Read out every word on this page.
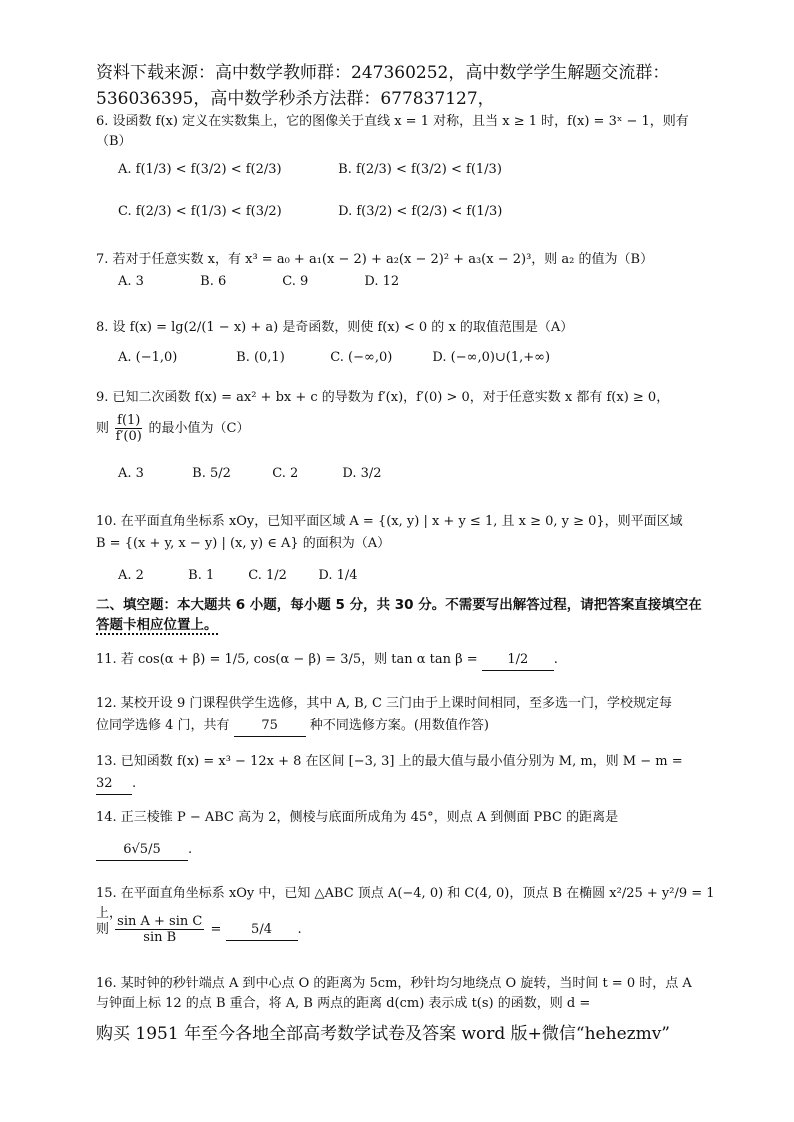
资料下载来源：高中数学教师群：247360252，高中数学学生解题交流群：536036395，高中数学秒杀方法群：677837127，
6. 设函数 f(x) 定义在实数集上，它的图像关于直线 x = 1 对称，且当 x ≥ 1 时，f(x) = 3ˣ − 1，则有（B）
A. f(1/3) < f(3/2) < f(2/3)	B. f(2/3) < f(3/2) < f(1/3)
C. f(2/3) < f(1/3) < f(3/2)	D. f(3/2) < f(2/3) < f(1/3)
7. 若对于任意实数 x，有 x³ = a₀ + a₁(x − 2) + a₂(x − 2)² + a₃(x − 2)³，则 a₂ 的值为（B）
A. 3	B. 6	C. 9	D. 12
8. 设 f(x) = lg(2/(1 − x) + a) 是奇函数，则使 f(x) < 0 的 x 的取值范围是（A）
A. (−1,0)	B. (0,1)	C. (−∞,0)	D. (−∞,0)∪(1,+∞)
9. 已知二次函数 f(x) = ax² + bx + c 的导数为 f′(x)，f′(0) > 0，对于任意实数 x 都有 f(x) ≥ 0，
则 $\frac{f(1)}{f'(0)}$ 的最小值为（C）
A. 3	B. 5/2	C. 2	D. 3/2
10. 在平面直角坐标系 xOy，已知平面区域 A = {(x, y) | x + y ≤ 1, 且 x ≥ 0, y ≥ 0}，则平面区域
B = {(x + y, x − y) | (x, y) ∈ A} 的面积为（A）
A. 2	B. 1	C. 1/2 D. 1/4
二、填空题：本大题共 6 小题，每小题 5 分，共 30 分。不需要写出解答过程，请把答案直接填空在
答题卡相应位置上。
11. 若 cos(α + β) = 1/5, cos(α − β) = 3/5，则 tan α tan β = 1/2 .
12. 某校开设 9 门课程供学生选修，其中 A, B, C 三门由于上课时间相同，至多选一门，学校规定每
位同学选修 4 门，共有 75 种不同选修方案。(用数值作答)
13. 已知函数 f(x) = x³ − 12x + 8 在区间 [−3, 3] 上的最大值与最小值分别为 M, m，则 M − m =
32 .
14. 正三棱锥 P − ABC 高为 2，侧棱与底面所成角为 45°，则点 A 到侧面 PBC 的距离是
6√5/5 .
15. 在平面直角坐标系 xOy 中，已知 △ABC 顶点 A(−4, 0) 和 C(4, 0)，顶点 B 在椭圆 x²/25 + y²/9 = 1 上，
则 $\frac{\text{sin A + sin C}}{\text{sin B}} = 5/4$ .
16. 某时钟的秒针端点 A 到中心点 O 的距离为 5cm，秒针均匀地绕点 O 旋转，当时间 t = 0 时，点 A
与钟面上标 12 的点 B 重合，将 A, B 两点的距离 d(cm) 表示成 t(s) 的函数，则 d =
购买 1951 年至今各地全部高考数学试卷及答案 word 版+微信“hehezmv”
